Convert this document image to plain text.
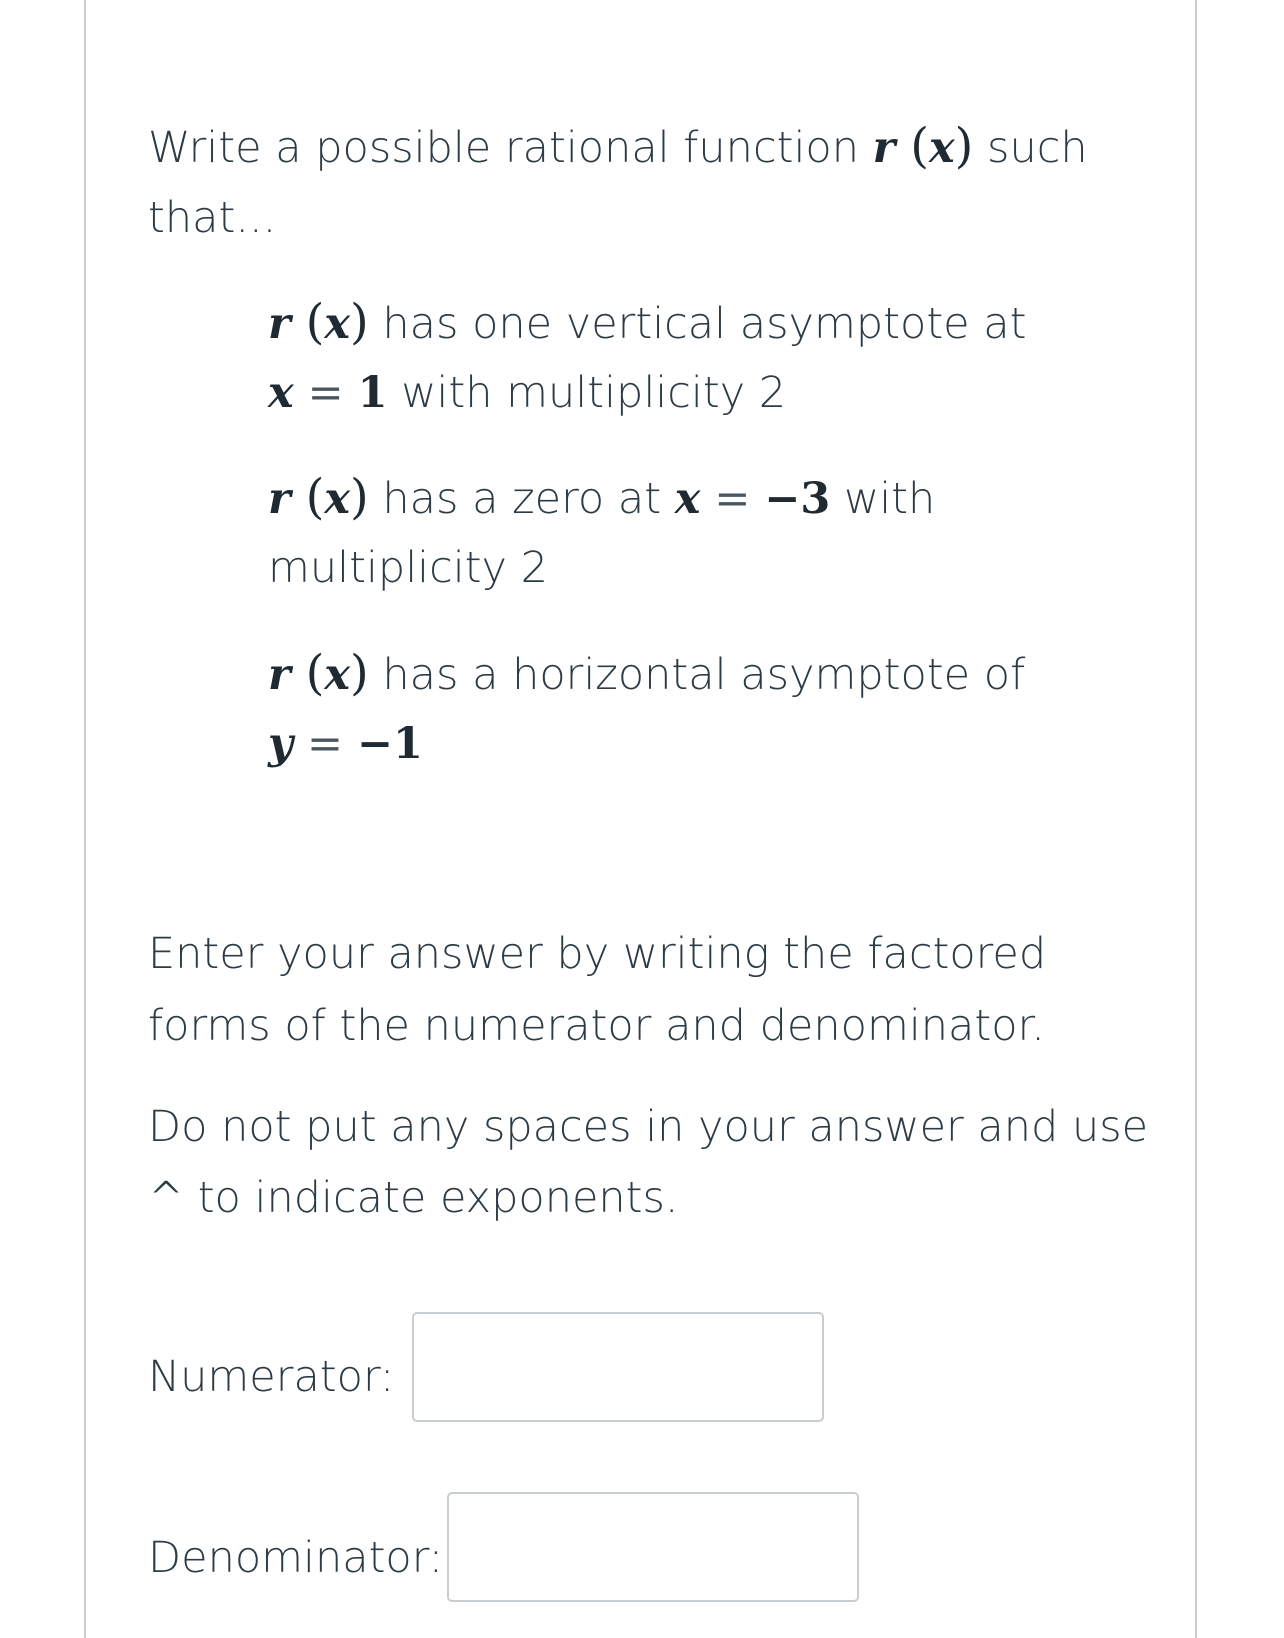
Write a possible rational function r (x) such

that...

r (x) has one vertical asymptote at

x = 1 with multiplicity 2

r (x) has a zero at x = −3 with

multiplicity 2

r (x) has a horizontal asymptote of

y = −1

Enter your answer by writing the factored

forms of the numerator and denominator.

Do not put any spaces in your answer and use

^ to indicate exponents.

Numerator:
Denominator:
